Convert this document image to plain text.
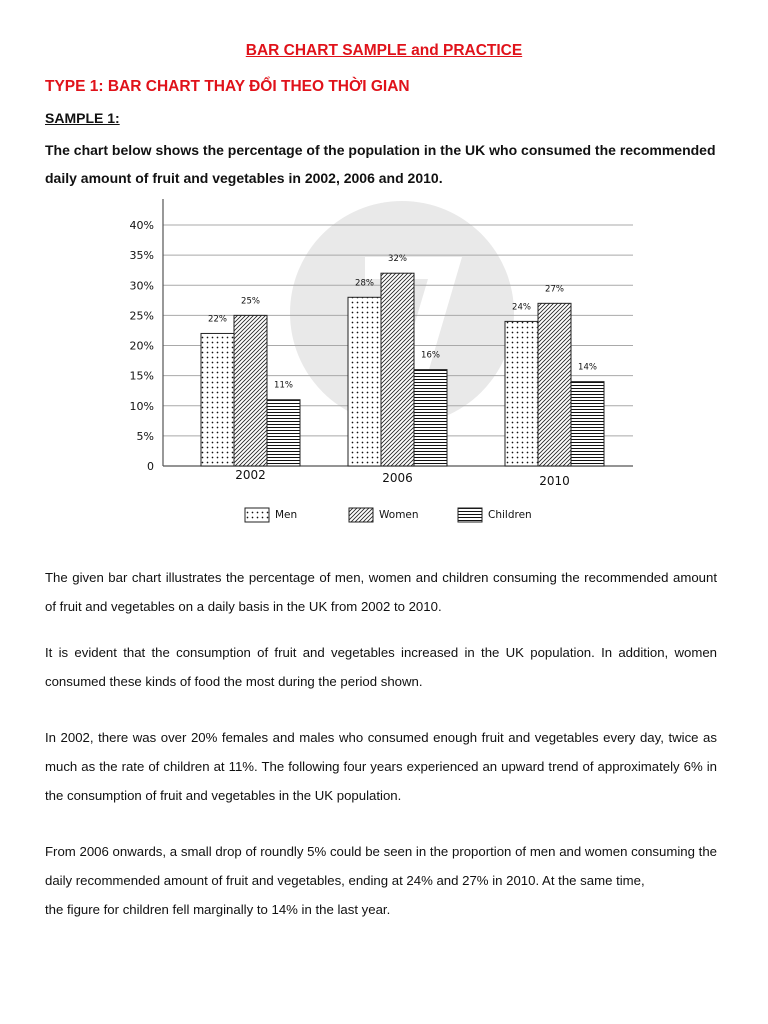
BAR CHART SAMPLE and PRACTICE
TYPE 1: BAR CHART THAY ĐỔI THEO THỜI GIAN
SAMPLE 1:
The chart below shows the percentage of the population in the UK who consumed the recommended daily amount of fruit and vegetables in 2002, 2006 and 2010.
0
5%
10%
15%
20%
25%
30%
35%
40%
22%
25%
11%
2002
28%
32%
16%
2006
24%
27%
14%
2010
Men	Women	Children

The given bar chart illustrates the percentage of men, women and children consuming the recommended amount of fruit and vegetables on a daily basis in the UK from 2002 to 2010.

It is evident that the consumption of fruit and vegetables increased in the UK population. In addition, women consumed these kinds of food the most during the period shown.

In 2002, there was over 20% females and males who consumed enough fruit and vegetables every day, twice as much as the rate of children at 11%. The following four years experienced an upward trend of approximately 6% in the consumption of fruit and vegetables in the UK population.

From 2006 onwards, a small drop of roundly 5% could be seen in the proportion of men and women consuming the daily recommended amount of fruit and vegetables, ending at 24% and 27% in 2010. At the same time,
the figure for children fell marginally to 14% in the last year.
